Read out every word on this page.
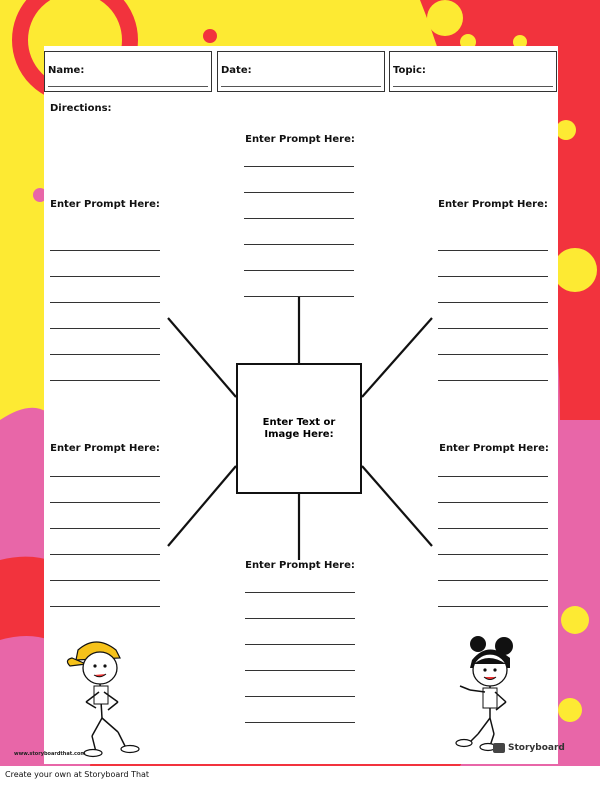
Name:	Date:	Topic:
Directions:
Enter Prompt Here:
Enter Prompt Here:	Enter Prompt Here:
Enter Text or Image Here:
Enter Prompt Here:	Enter Prompt Here:
Enter Prompt Here:
www.storyboardthat.com
Storyboard
Create your own at Storyboard That
